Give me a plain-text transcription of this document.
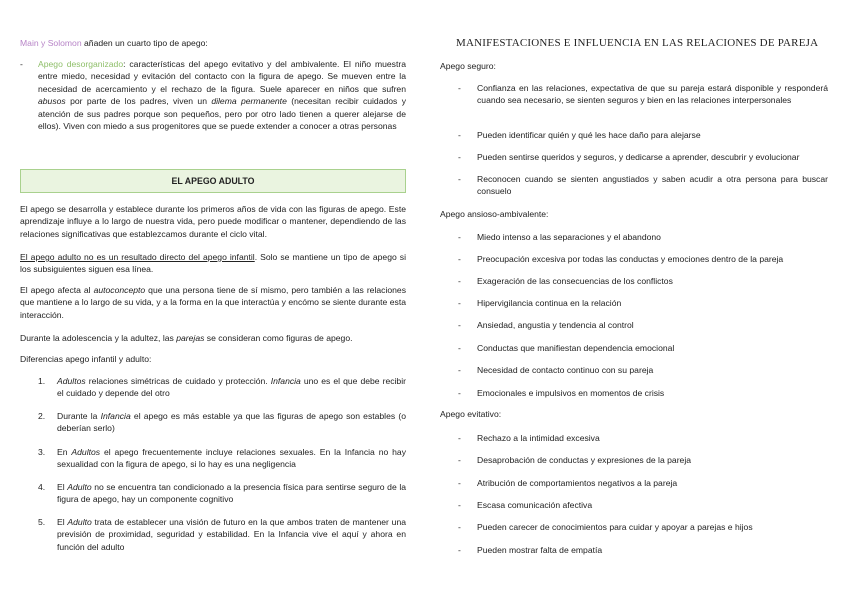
Main y Solomon añaden un cuarto tipo de apego:
- Apego desorganizado: características del apego evitativo y del ambivalente. El niño muestra entre miedo, necesidad y evitación del contacto con la figura de apego. Se mueven entre la necesidad de acercamiento y el rechazo de la figura. Suele aparecer en niños que sufren abusos por parte de los padres, viven un dilema permanente (necesitan recibir cuidados y atención de sus padres porque son pequeños, pero por otro lado tienen a querer alejarse de ellos). Viven con miedo a sus progenitores que se puede extender a conocer a otras personas
EL APEGO ADULTO
El apego se desarrolla y establece durante los primeros años de vida con las figuras de apego. Este aprendizaje influye a lo largo de nuestra vida, pero puede modificar o mantener, dependiendo de las relaciones significativas que establezcamos durante el ciclo vital.
El apego adulto no es un resultado directo del apego infantil. Solo se mantiene un tipo de apego si los subsiguientes siguen esa línea.
El apego afecta al autoconcepto que una persona tiene de sí mismo, pero también a las relaciones que mantiene a lo largo de su vida, y a la forma en la que interactúa y encómo se siente durante esta interacción.
Durante la adolescencia y la adultez, las parejas se consideran como figuras de apego.
Diferencias apego infantil y adulto:
1. Adultos relaciones simétricas de cuidado y protección. Infancia uno es el que debe recibir el cuidado y depende del otro
2. Durante la Infancia el apego es más estable ya que las figuras de apego son estables (o deberían serlo)
3. En Adultos el apego frecuentemente incluye relaciones sexuales. En la Infancia no hay sexualidad con la figura de apego, si lo hay es una negligencia
4. El Adulto no se encuentra tan condicionado a la presencia física para sentirse seguro de la figura de apego, hay un componente cognitivo
5. El Adulto trata de establecer una visión de futuro en la que ambos traten de mantener una previsión de proximidad, seguridad y estabilidad. En la Infancia vive el aquí y ahora en función del adulto
MANIFESTACIONES E INFLUENCIA EN LAS RELACIONES DE PAREJA
Apego seguro:
- Confianza en las relaciones, expectativa de que su pareja estará disponible y responderá cuando sea necesario, se sienten seguros y bien en las relaciones interpersonales
- Pueden identificar quién y qué les hace daño para alejarse
- Pueden sentirse queridos y seguros, y dedicarse a aprender, descubrir y evolucionar
- Reconocen cuando se sienten angustiados y saben acudir a otra persona para buscar consuelo
Apego ansioso-ambivalente:
- Miedo intenso a las separaciones y el abandono
- Preocupación excesiva por todas las conductas y emociones dentro de la pareja
- Exageración de las consecuencias de los conflictos
- Hipervigilancia continua en la relación
- Ansiedad, angustia y tendencia al control
- Conductas que manifiestan dependencia emocional
- Necesidad de contacto continuo con su pareja
- Emocionales e impulsivos en momentos de crisis
Apego evitativo:
- Rechazo a la intimidad excesiva
- Desaprobación de conductas y expresiones de la pareja
- Atribución de comportamientos negativos a la pareja
- Escasa comunicación afectiva
- Pueden carecer de conocimientos para cuidar y apoyar a parejas e hijos
- Pueden mostrar falta de empatía
